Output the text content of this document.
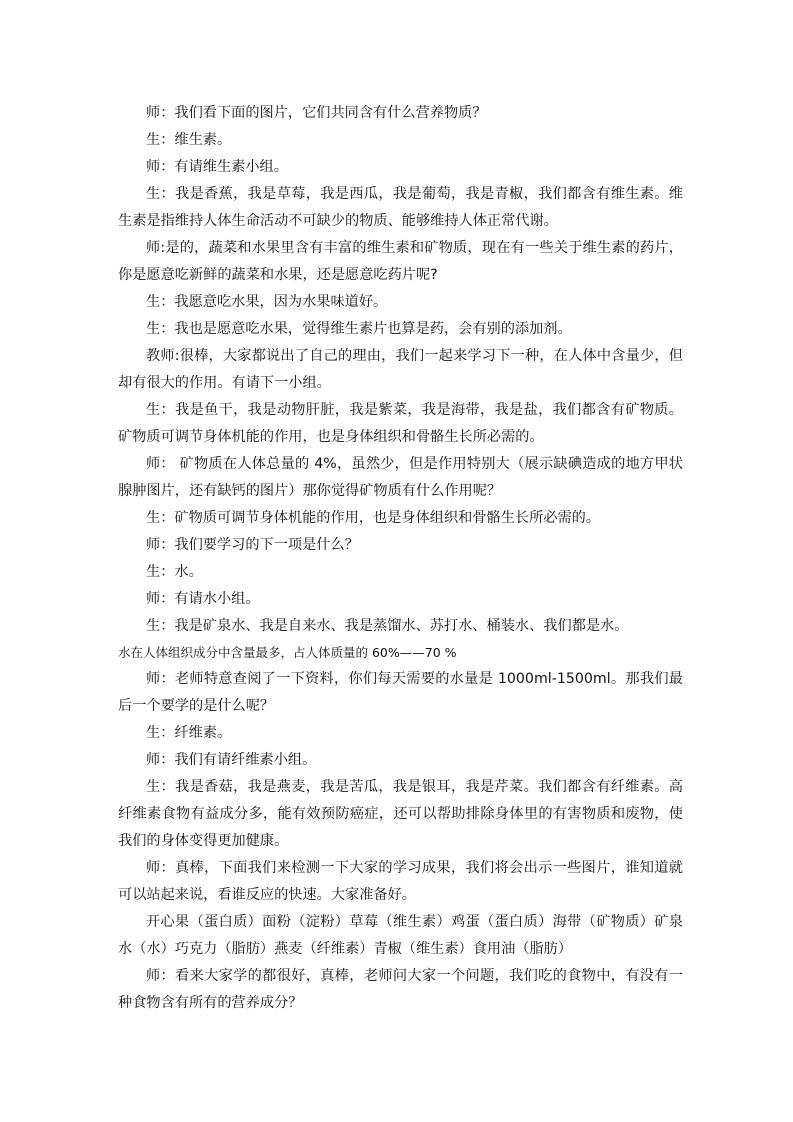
师：我们看下面的图片，它们共同含有什么营养物质？

生：维生素。

师：有请维生素小组。

生：我是香蕉，我是草莓，我是西瓜，我是葡萄，我是青椒，我们都含有维生素。维生素是指维持人体生命活动不可缺少的物质、能够维持人体正常代谢。

师:是的，蔬菜和水果里含有丰富的维生素和矿物质，现在有一些关于维生素的药片，你是愿意吃新鲜的蔬菜和水果，还是愿意吃药片呢?

生：我愿意吃水果，因为水果味道好。

生：我也是愿意吃水果，觉得维生素片也算是药，会有别的添加剂。

教师:很棒，大家都说出了自己的理由，我们一起来学习下一种，在人体中含量少，但却有很大的作用。有请下一小组。

生：我是鱼干，我是动物肝脏，我是紫菜，我是海带，我是盐，我们都含有矿物质。矿物质可调节身体机能的作用，也是身体组织和骨骼生长所必需的。

师： 矿物质在人体总量的 4%，虽然少，但是作用特别大（展示缺碘造成的地方甲状腺肿图片，还有缺钙的图片）那你觉得矿物质有什么作用呢？

生：矿物质可调节身体机能的作用，也是身体组织和骨骼生长所必需的。

师：我们要学习的下一项是什么？

生：水。

师：有请水小组。

生：我是矿泉水、我是自来水、我是蒸馏水、苏打水、桶装水、我们都是水。

水在人体组织成分中含量最多，占人体质量的 60%——70 %

师：老师特意查阅了一下资料，你们每天需要的水量是 1000ml-1500ml。那我们最后一个要学的是什么呢？

生：纤维素。

师：我们有请纤维素小组。

生：我是香菇，我是燕麦，我是苦瓜，我是银耳，我是芹菜。我们都含有纤维素。高纤维素食物有益成分多，能有效预防癌症，还可以帮助排除身体里的有害物质和废物，使我们的身体变得更加健康。

师：真棒，下面我们来检测一下大家的学习成果，我们将会出示一些图片，谁知道就可以站起来说，看谁反应的快速。大家准备好。

开心果（蛋白质）面粉（淀粉）草莓（维生素）鸡蛋（蛋白质）海带（矿物质）矿泉水（水）巧克力（脂肪）燕麦（纤维素）青椒（维生素）食用油（脂肪）

师：看来大家学的都很好，真棒，老师问大家一个问题，我们吃的食物中，有没有一种食物含有所有的营养成分？
